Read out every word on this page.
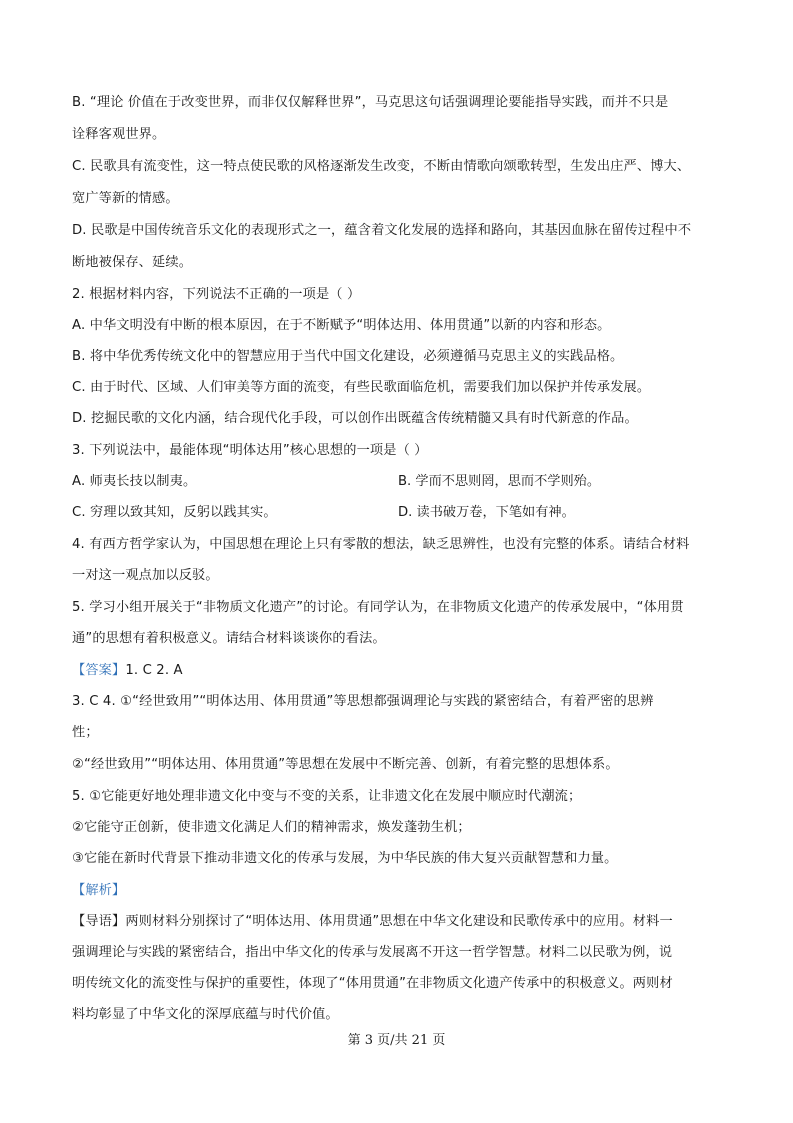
B. “理论 价值在于改变世界，而非仅仅解释世界”，马克思这句话强调理论要能指导实践，而并不只是
诠释客观世界。
C. 民歌具有流变性，这一特点使民歌的风格逐渐发生改变，不断由情歌向颂歌转型，生发出庄严、博大、
宽广等新的情感。
D. 民歌是中国传统音乐文化的表现形式之一，蕴含着文化发展的选择和路向，其基因血脉在留传过程中不
断地被保存、延续。
2. 根据材料内容，下列说法不正确的一项是（ ）
A. 中华文明没有中断的根本原因，在于不断赋予“明体达用、体用贯通”以新的内容和形态。
B. 将中华优秀传统文化中的智慧应用于当代中国文化建设，必须遵循马克思主义的实践品格。
C. 由于时代、区域、人们审美等方面的流变，有些民歌面临危机，需要我们加以保护并传承发展。
D. 挖掘民歌的文化内涵，结合现代化手段，可以创作出既蕴含传统精髓又具有时代新意的作品。
3. 下列说法中，最能体现“明体达用”核心思想的一项是（ ）
A. 师夷长技以制夷。	B. 学而不思则罔，思而不学则殆。
C. 穷理以致其知，反躬以践其实。	D. 读书破万卷，下笔如有神。
4. 有西方哲学家认为，中国思想在理论上只有零散的想法，缺乏思辨性，也没有完整的体系。请结合材料
一对这一观点加以反驳。
5. 学习小组开展关于“非物质文化遗产”的讨论。有同学认为，在非物质文化遗产的传承发展中，“体用贯
通”的思想有着积极意义。请结合材料谈谈你的看法。
【答案】1. C 2. A
3. C 4. ①“经世致用”“明体达用、体用贯通”等思想都强调理论与实践的紧密结合，有着严密的思辨
性；
②“经世致用”“明体达用、体用贯通”等思想在发展中不断完善、创新，有着完整的思想体系。
5. ①它能更好地处理非遗文化中变与不变的关系，让非遗文化在发展中顺应时代潮流；
②它能守正创新，使非遗文化满足人们的精神需求，焕发蓬勃生机；
③它能在新时代背景下推动非遗文化的传承与发展，为中华民族的伟大复兴贡献智慧和力量。
【解析】
【导语】两则材料分别探讨了“明体达用、体用贯通”思想在中华文化建设和民歌传承中的应用。材料一
强调理论与实践的紧密结合，指出中华文化的传承与发展离不开这一哲学智慧。材料二以民歌为例，说
明传统文化的流变性与保护的重要性，体现了“体用贯通”在非物质文化遗产传承中的积极意义。两则材
料均彰显了中华文化的深厚底蕴与时代价值。
第 3 页/共 21 页
